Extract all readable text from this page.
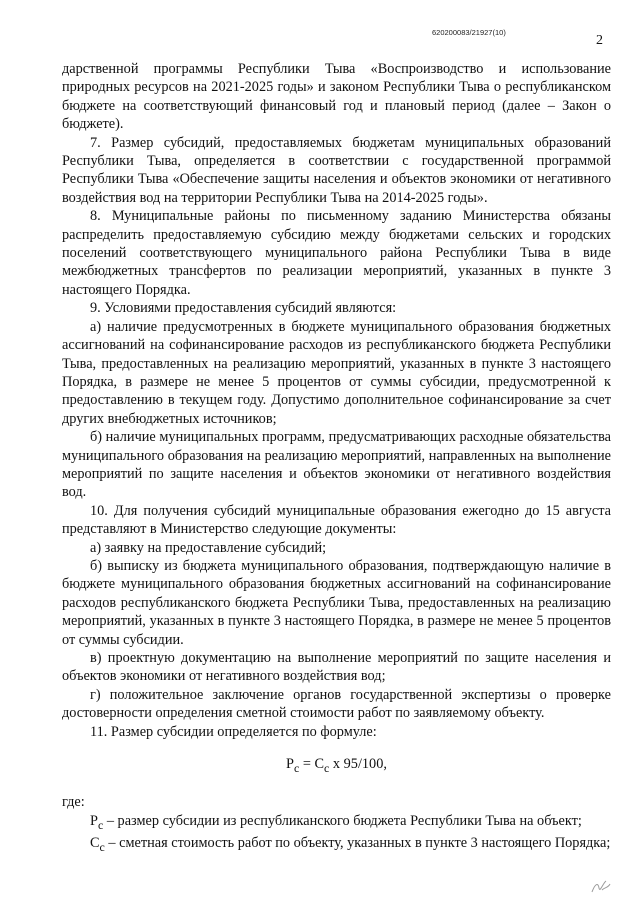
620200083/21927(10)
2

дарственной программы Республики Тыва «Воспроизводство и использование природных ресурсов на 2021-2025 годы» и законом Республики Тыва о республиканском бюджете на соответствующий финансовый год и плановый период (далее – Закон о бюджете).

7. Размер субсидий, предоставляемых бюджетам муниципальных образований Республики Тыва, определяется в соответствии с государственной программой Республики Тыва «Обеспечение защиты населения и объектов экономики от негативного воздействия вод на территории Республики Тыва на 2014-2025 годы».

8. Муниципальные районы по письменному заданию Министерства обязаны распределить предоставляемую субсидию между бюджетами сельских и городских поселений соответствующего муниципального района Республики Тыва в виде межбюджетных трансфертов по реализации мероприятий, указанных в пункте 3 настоящего Порядка.

9. Условиями предоставления субсидий являются:

а) наличие предусмотренных в бюджете муниципального образования бюджетных ассигнований на софинансирование расходов из республиканского бюджета Республики Тыва, предоставленных на реализацию мероприятий, указанных в пункте 3 настоящего Порядка, в размере не менее 5 процентов от суммы субсидии, предусмотренной к предоставлению в текущем году. Допустимо дополнительное софинансирование за счет других внебюджетных источников;

б) наличие муниципальных программ, предусматривающих расходные обязательства муниципального образования на реализацию мероприятий, направленных на выполнение мероприятий по защите населения и объектов экономики от негативного воздействия вод.

10. Для получения субсидий муниципальные образования ежегодно до 15 августа представляют в Министерство следующие документы:

а) заявку на предоставление субсидий;

б) выписку из бюджета муниципального образования, подтверждающую наличие в бюджете муниципального образования бюджетных ассигнований на софинансирование расходов республиканского бюджета Республики Тыва, предоставленных на реализацию мероприятий, указанных в пункте 3 настоящего Порядка, в размере не менее 5 процентов от суммы субсидии.

в) проектную документацию на выполнение мероприятий по защите населения и объектов экономики от негативного воздействия вод;

г) положительное заключение органов государственной экспертизы о проверке достоверности определения сметной стоимости работ по заявляемому объекту.

11. Размер субсидии определяется по формуле:

$P_c = C_c$ x 95/100,

где:

$P_c$ – размер субсидии из республиканского бюджета Республики Тыва на объект;

$C_c$ – сметная стоимость работ по объекту, указанных в пункте 3 настоящего Порядка;
